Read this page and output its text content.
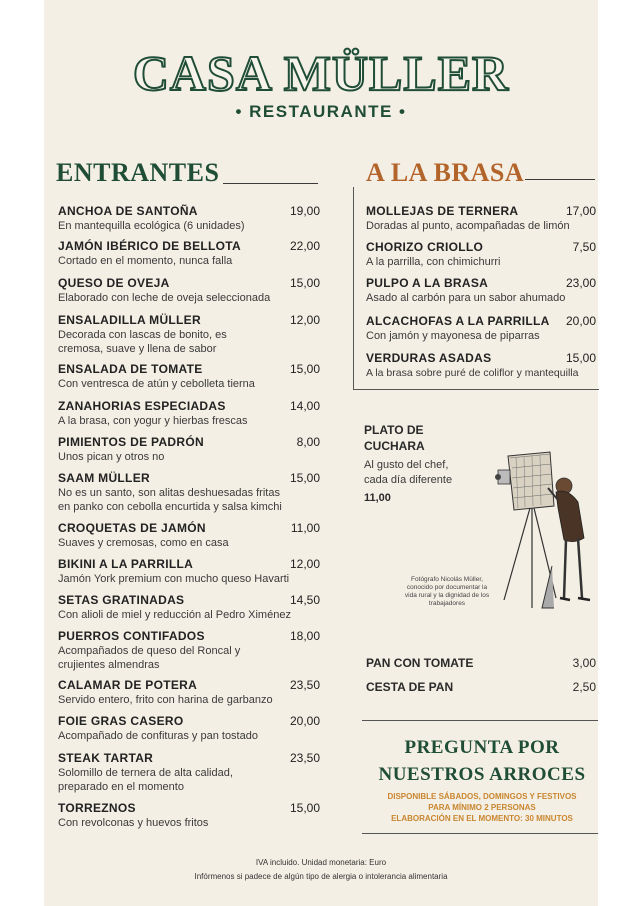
CASA MÜLLER
• RESTAURANTE •
ENTRANTES
ANCHOA DE SANTOÑA
En mantequilla ecológica (6 unidades)
19,00
JAMÓN IBÉRICO DE BELLOTA
Cortado en el momento, nunca falla
22,00
QUESO DE OVEJA
Elaborado con leche de oveja seleccionada
15,00
ENSALADILLA MÜLLER
Decorada con lascas de bonito, es cremosa, suave y llena de sabor
12,00
ENSALADA DE TOMATE
Con ventresca de atún y cebolleta tierna
15,00
ZANAHORIAS ESPECIADAS
A la brasa, con yogur y hierbas frescas
14,00
PIMIENTOS DE PADRÓN
Unos pican y otros no
8,00
SAAM MÜLLER
No es un santo, son alitas deshuesadas fritas en panko con cebolla encurtida y salsa kimchi
15,00
CROQUETAS DE JAMÓN
Suaves y cremosas, como en casa
11,00
BIKINI A LA PARRILLA
Jamón York premium con mucho queso Havarti
12,00
SETAS GRATINADAS
Con alioli de miel y reducción al Pedro Ximénez
14,50
PUERROS CONTIFADOS
Acompañados de queso del Roncal y crujientes almendras
18,00
CALAMAR DE POTERA
Servido entero, frito con harina de garbanzo
23,50
FOIE GRAS CASERO
Acompañado de confituras y pan tostado
20,00
STEAK TARTAR
Solomillo de ternera de alta calidad, preparado en el momento
23,50
TORREZNOS
Con revolconas y huevos fritos
15,00
A LA BRASA
MOLLEJAS DE TERNERA
Doradas al punto, acompañadas de limón
17,00
CHORIZO CRIOLLO
A la parrilla, con chimichurri
7,50
PULPO A LA BRASA
Asado al carbón para un sabor ahumado
23,00
ALCACHOFAS A LA PARRILLA
Con jamón y mayonesa de piparras
20,00
VERDURAS ASADAS
A la brasa sobre puré de coliflor y mantequilla
15,00
PLATO DE CUCHARA
Al gusto del chef, cada día diferente
11,00
Fotógrafo Nicolás Müller, conocido por documentar la vida rural y la dignidad de los trabajadores
PAN CON TOMATE	3,00
CESTA DE PAN	2,50
PREGUNTA POR
NUESTROS ARROCES
DISPONIBLE SÁBADOS, DOMINGOS Y FESTIVOS
PARA MÍNIMO 2 PERSONAS
ELABORACIÓN EN EL MOMENTO: 30 MINUTOS
IVA incluido. Unidad monetaria: Euro
Infórmenos si padece de algún tipo de alergia o intolerancia alimentaria
